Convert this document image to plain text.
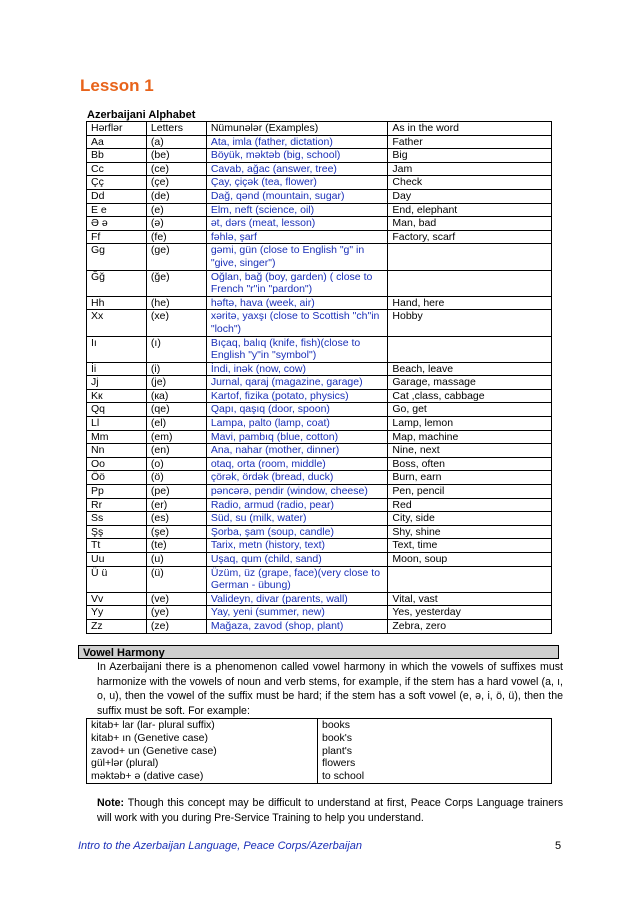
Lesson 1
Azerbaijani Alphabet
Hərflər	Letters	Nümunələr (Examples)	As in the word
Aa	(a)	Ata, imla (father, dictation)	Father
Bb	(be)	Böyük, məktəb (big, school)	Big
Cc	(ce)	Cavab, ağac (answer, tree)	Jam
Çç	(çe)	Çay, çiçək (tea, flower)	Check
Dd	(de)	Dağ, qənd (mountain, sugar)	Day
E e	(e)	Elm, neft (science, oil)	End, elephant
Ə ə	(ə)	ət, dərs (meat, lesson)	Man, bad
Ff	(fe)	fəhlə, şarf	Factory, scarf
Gg	(ge)	gəmi, gün (close to English "g" in "give, singer")	
Ğğ	(ğe)	Oğlan, bağ (boy, garden) ( close to French "r"in "pardon")	
Hh	(he)	həftə, hava (week, air)	Hand, here
Xx	(xe)	xəritə, yaxşı (close to Scottish "ch"in "loch")	Hobby
Iı	(ı)	Bıçaq, balıq (knife, fish)(close to English "y"in "symbol")	
İi	(i)	İndi, inək (now, cow)	Beach, leave
Jj	(je)	Jurnal, qaraj (magazine, garage)	Garage, massage
Kк	(кa)	Kartof, fizika (potato, physics)	Cat ,class, cabbage
Qq	(qe)	Qapı, qaşıq (door, spoon)	Go, get
Ll	(el)	Lampa, palto (lamp, coat)	Lamp, lemon
Mm	(em)	Mavi, pambıq (blue, cotton)	Map, machine
Nn	(en)	Ana, nahar (mother, dinner)	Nine, next
Oo	(o)	otaq, orta (room, middle)	Boss, often
Öö	(ö)	çörək, ördək (bread, duck)	Burn, earn
Pp	(pe)	pəncərə, pendir (window, cheese)	Pen, pencil
Rr	(er)	Radio, armud (radio, pear)	Red
Ss	(es)	Süd, su (milk, water)	City, side
Şş	(şe)	Şorba, şam (soup, candle)	Shy, shine
Tt	(te)	Tarix, metn (history, text)	Text, time
Uu	(u)	Uşaq, qum (child, sand)	Moon, soup
Ü ü	(ü)	Üzüm, üz (grape, face)(very close to German - übung)	
Vv	(ve)	Valideyn, divar (parents, wall)	Vital, vast
Yy	(ye)	Yay, yeni (summer, new)	Yes, yesterday
Zz	(ze)	Mağaza, zavod (shop, plant)	Zebra, zero
Vowel Harmony
In Azerbaijani there is a phenomenon called vowel harmony in which the vowels of suffixes must harmonize with the vowels of noun and verb stems, for example, if the stem has a hard vowel (a, ı, o, u), then the vowel of the suffix must be hard; if the stem has a soft vowel (e, ə, i, ö, ü), then the suffix must be soft. For example:
kitab+ lar (lar- plural suffix)	books
kitab+ ın (Genetive case)	book's
zavod+ un (Genetive case)	plant's
gül+lər (plural)	flowers
məktəb+ ə (dative case)	to school
Note: Though this concept may be difficult to understand at first, Peace Corps Language trainers will work with you during Pre-Service Training to help you understand.
Intro to the Azerbaijan Language, Peace Corps/Azerbaijan	5
